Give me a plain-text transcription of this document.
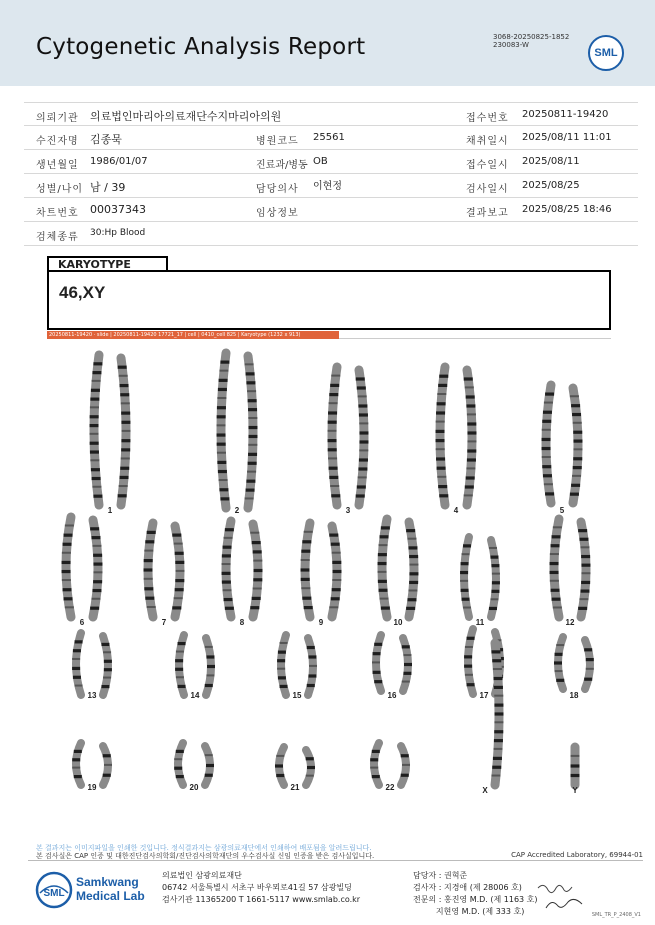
Cytogenetic Analysis Report	3068-20250825-1852
230083-W
SML
의뢰기관 의료법인마리아의료재단수지마리아의원	접수번호 20250811-19420
수진자명 김종묵	병원코드 25561	채취일시 2025/08/11 11:01
생년월일 1986/01/07	진료과/병동 OB	접수일시 2025/08/11
성별/나이 남 / 39	담당의사 이현정	검사일시 2025/08/25
차트번호 00037343	임상정보	결과보고 2025/08/25 18:46
검체종류 30:Hp Blood
KARYOTYPE
46,XY
20250811-19420 · slide | 20250811-19420 17721_17 | cell | 0410_cell 825 | Karyotype (1232 x 913)
1	2	3	4	5
6	7	8	9	10	11	12
13	14	15	16	17	18
19	20	21	22	X	Y
본 결과지는 이미지파일을 인쇄한 것입니다. 정식결과지는 삼광의료재단에서 인쇄하여 배포됨을 알려드립니다.
본 검사실은 CAP 인증 및 대한진단검사의학회/진단검사의학재단의 우수검사실 신임 인증을 받은 검사실입니다.	CAP Accredited Laboratory, 69944-01
SML
Samkwang
Medical Lab
의료법인 삼광의료재단
06742 서울특별시 서초구 바우뫼로41길 57 삼광빌딩
검사기관 11365200 T 1661-5117 www.smlab.co.kr
담당자 : 권혁준
검사자 : 지경애 (제 28006 호)
전문의 : 홍진영 M.D. (제 1163 호)
지현영 M.D. (제 333 호)	SML_TR_P_2408_V1
